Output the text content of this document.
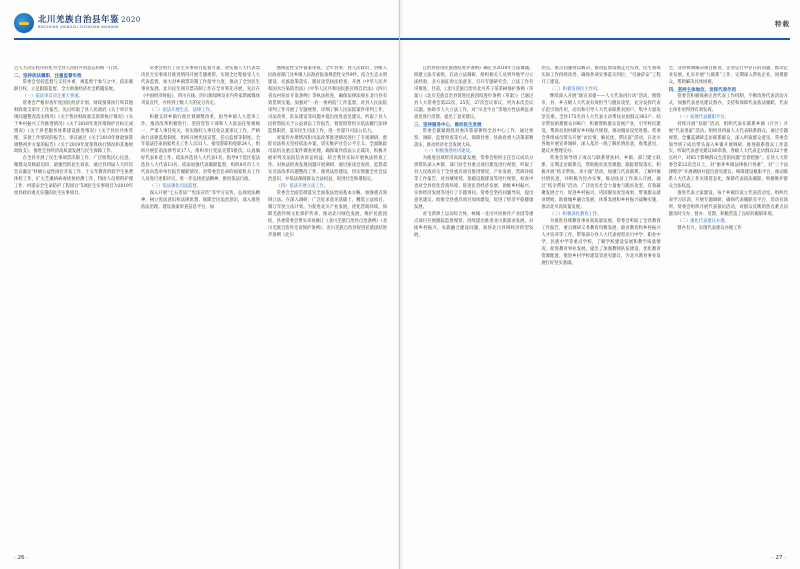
北川羌族自治县年鉴 2020
BEICHUAN QIANGZU ZIZHIXIAN NIANJIAN

过人大决定程序转化为全县人民的共同意志和统一行动。

二、坚持依法履职，注重监督实效

常委会坚持监督与支持并重，寓监督于参与之中，依法履职行权，立足跟踪监督，全力助推经济社会跨越发展。

（一）依法审议决定重大事项。

常委会严格审查年度国民经济计划、财政预算执行和其他财政收支审计工作报告，先后听取了县人民政府《关于审计发现问题整改落实情况》《关于我县财政收支预算执行情况》《关于乡村振兴工作推进情况》《关于2018年度环境保护目标完成情况》《关于养老服务体系建设推进情况》《关于县医共体管理、采供工作情况的报告》，审议通过《关于2019年财政预算调整初步方案的报告》《关于2019年度预算执行情况和其他财政收支》，推进全县经济高质量发展与民生保障工作。

在全县开展了民生事项票决制工作，广泛收集民心民意，聚群众反映最迫切、最强烈的民生诉求，通过县四届人大四次会议确定“村级公益性岗位开发工作、十五年教育阶段学生免费体检工作、扩大芝溪病病毒扰体检测工作、特困人员照料护理工作、村道安全生命防护工程项目”5项民生实事项目为2019年度县政府重点实施的民生实事项目。

常委会创行了民生实事项目监督方案，对实施人大代表票决民生实事项目推进情况开展专题视察，实现全过程接受人大代表监督。加大对乡镇票决制工作指导力度，推动了全县民生事业发展。北川民生项目票决制工作在全市率先开展，先后在《中国经济时报》、四川在线、四川新闻网及市内外家新闻媒体刊发宣传，并得到上级人大的充分肯定。

（二）依法开展生态、法律工作。

积极支持乡镇行政区划调整改革，指导乡镇人大选举工作，推动改革积极进行，坚持党管干部和人大依法任免相统一，严肃人事任免关，切实做好人事任免议案审议工作。严格执行法律监督制度，组织开展宪法宣誓、任后监督等制度。全年依法任命国家机关工作人员31人、接受辞职和免职24人，组织开展任前法律考试17人，组织举行宪法宣誓5批次。认真做好代表补选工作，依法补选县人大代表1名，指导9个选区依法选县人大代表13名。依法加强代表履职监督，组织8名市人大代表向选举单位报告履职情况；对常委会任命的国家机关工作人员进行述职评议，进一步弘扬宪法精神，推进依法行政。

（三）依法强化司法监督。

深入开展“七五普法”“宪法宣传”等学习宣传，弘扬宪法精神，树立宪法意识和法律思想，保障全民法治意识，深入推进依法治理。建设备案审查信息平台，加

强规范性文件备案审查，全年县委、县人民政府、县级人民政府部门及乡镇人民政府报备规范性文件9件。结合生态文明建设、民族政策落实、脱贫攻坚执法检查，开展《中华人民共和国水污染防治法》《中华人民共和国民族区域自治法》《四川省农村扶贫开发条例》等执法检查，确保法律法规在北川县有效贯彻实施。加强对“一府一委两院”工作监督，对县人民法院审判工作开展了专题视察，详细了解人民法院案件审判工作、司法改革、队伍建设等问题并提出改进意见建议。听取了县人民检察院关于公益诉讼工作报告，督促检察机关依法履行法律监督职责、落实民生司法工作，进一步提升司法公信力。

对案件办理情况和司法改革推进情况进行了专项调研，督促司法机关坚持依法办案，切实维护社会公平正义；全面跟踪司法机关重点案件调查处理，确保案件依法公正裁决，积极开展审判及法院信访诉讼权益，结合我县实际开展执法检查工作。对执法检查发现问题开展调研，通过座谈会查找，监督落实司法改革问题整改工作，推进法治建设，切实增强全社会法治意识，并依法保障群众合法权益，促进社会和谐稳定。

（四）依法开展立法工作。

常委会全面贯彻落实全面依法治国基本方略，加强重点领域立法。在深入调研、广泛征求意见基础上，精选立法项目，制订年度立法计划。为促进北川产业发展，优化营商环境，保障羌族传统文化保护传承，推动北川绿色发展，维护民族团结，县委常委会带头审查修订《北川羌族自治县自治条例》《北川羌族自治县羌语保护条例》，北川羌族自治县促进民族团结进步条例《北川

· 26 ·
特载

自治县促进民族团结进步条例》确定为2019年立法课题。组建立法专家组，启动立法调研，组织相关人员到外地学习立法经验，多方面征询立法意见，召开专题研究会，立法工作有序推进。目前，《北川羌族自治县北川苔子茶茶树保护条例（草案）》《北川羌族自治县促进民族团结进步条例（草案）》已通过县人大常委会第22次、25次、27次会议审议，列为本次会议议题。协助市人大立法工作，对“川北牛白”等地方性法规征求意见进行反馈，提出了意见建议。

三、坚持服务中心，推动民生发展

常委会紧紧围绕县委决策部署和全县中心工作，通过视察、调研、监督检查等方式，保障县委、县政府重大决策部署落实，推动经济社会发展大局。

（一）积极推进经济建设。

为推进县域经济高质量发展，常委会组织主任会议成员分别带队深入乡镇、部门对全县重点项目建设进行视察，听取了县人民政府关于全县重点项目推进情况、产业发展、营商环境等工作报告，对县城规划、基础设施建设等进行视察，检查中也对全县优化营商环境、促进民营经济发展、助推乡村振兴、实体经济发展等进行了专题询问。常委会坚持问题导向，提出意见建议，助推全县重点项目加快建设，促进了经济平稳健康发展。

对飞鸿事上运动综合体、柯城一北川共居协作产业园等重点项目开展跟踪监督视察，持续提出推进北川旅游业发展、对接乡村振兴、农旅融合建设问题，加快北川县域经济转型发展。

热点，难点问题得以解决。推动监督落地走过见效，民生领域实际工作持续改善，确保各项实事落实到位，“引通济安”工程开工建设。

（二）积极发扬民主作风。

继续深入开展“联宣双提——人大代表再行动”活动，围绕市、县、乡五级人大代表有效担当与脱贫攻坚，充分发挥代表示范引领作用，动员和引导人大代表联系贫困户，集中力量攻坚克难。全县175名县人大代表主动帮扶贫困群众363户；结亲帮扶困难群众198户，积极帮助群众发展产业，引导村民建设，帮助贫困村做好乡村振兴规划，推动脱贫攻坚进程。常委会各组成员带头开展“访民情、解民忧、帮民富”活动，在北川各地开展宣讲调研，深入基层一线了解民情民意，收集意见、建议并整理交办。

常委会领导班子成员与联系帮扶村、乡镇、部门建立联系，定期走访联系点，帮助脱贫攻坚难题，跟踪督促落实，积极开展“结亲帮扶、奔小康”活动，加强与代表联系，了解村镇社情民意，并积极为民办实事，推动扶贫工作深入开展。通过“结亲帮扶”活动，广泛动员社会力量参与脱贫攻坚，有效凝聚发展合力，促进乡村振兴，巩固脱贫攻坚成果，带领群众就业增收，助推城乡融合发展、体系发展和乡村振兴战略实施，推动北川高质量发展。

（三）积极深化教育工作。

为推进县域教育事业高质量发展，常委会听取了全县教育工作报告，重点调研义务教育均衡发展、职业教育和乡村振兴人才培养等工作，带领部分县人大代表视察北川中学、职业中学、民族中学等重点学校，了解学校建设发展和教学质量情况，促进教育事业发展，提出了加强教师队伍建设、优化教育资源配置、推进乡村学校建设等意见建议，为北川教育事业发展打好坚实基础。

全，及时协调解决项目推进、企业运行中存在的问题，推动企业发展。扎实开展“九联系”工作，定期深入帮扶企业，困难群众，帮助解决具体困难。

四、坚持主体地位，发挥代表作用

常委会积极探索完善代表工作机制，不断改进代表活动方式，加强代表意见建议督办，支持和保障代表依法履职，代表主体作用得到有效发挥。

（一）拓展代表履职平台。

持续开展“双联”活动，组织代表在联系乡镇（片区）开展“代表进家”活动。组织县四届人大代表联系群众，通过专题视察、全覆盖调研走访联系群众，深入听取群众意见，常委会领导班子成员带头深入乡镇开展调研，推进联系群众工作落实，听取代表意见建议80余条，各级人大代表走访群众32个重点村户，对65个影响群众生活的问题“会诊把脉”。在县人大常委会第22次会议上，对“驱坏乡镇法律执行各难”，对“三个法律程序”开展调研并提出意见建议，统筹建设履职平台，推动联系人大代表工作实现常态化，保障代表依法履职，积极维护群众合法权益。

推进代表之家建设，每个乡镇均设立代表活动室，组织代表学习培训、开展专题调研，确保代表履职有平台、活动有场所。常委会组织开展代表接访活动，对群众反映的热点难点问题及时交办、督办、反馈，积极营造了良好的履职环境。

（二）强化代表建议办理。

督办有力，实现代表建议办理工作

· 27 ·
